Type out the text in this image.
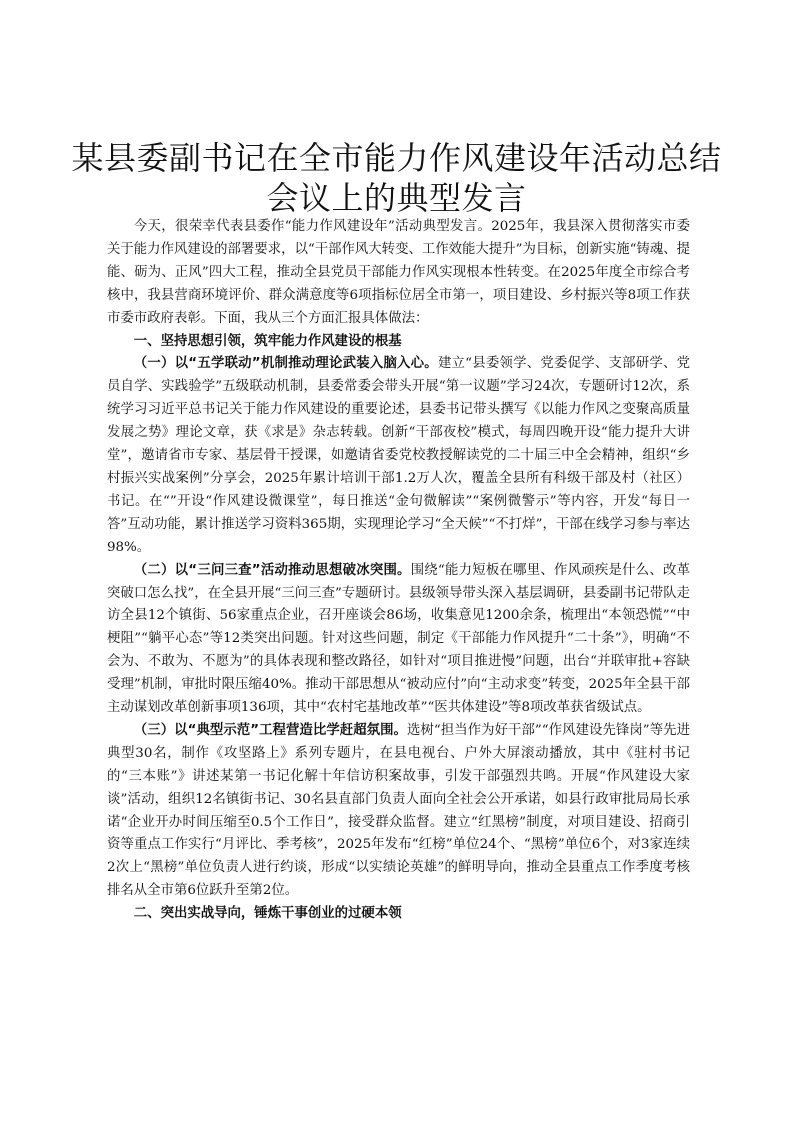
某县委副书记在全市能力作风建设年活动总结会议上的典型发言

今天，很荣幸代表县委作“能力作风建设年”活动典型发言。2025年，我县深入贯彻落实市委关于能力作风建设的部署要求，以“干部作风大转变、工作效能大提升”为目标，创新实施“铸魂、提能、砺为、正风”四大工程，推动全县党员干部能力作风实现根本性转变。在2025年度全市综合考核中，我县营商环境评价、群众满意度等6项指标位居全市第一，项目建设、乡村振兴等8项工作获市委市政府表彰。下面，我从三个方面汇报具体做法：

一、坚持思想引领，筑牢能力作风建设的根基

（一）以“五学联动”机制推动理论武装入脑入心。建立“县委领学、党委促学、支部研学、党员自学、实践验学”五级联动机制，县委常委会带头开展“第一议题”学习24次，专题研讨12次，系统学习习近平总书记关于能力作风建设的重要论述，县委书记带头撰写《以能力作风之变聚高质量发展之势》理论文章，获《求是》杂志转载。创新“干部夜校”模式，每周四晚开设“能力提升大讲堂”，邀请省市专家、基层骨干授课，如邀请省委党校教授解读党的二十届三中全会精神，组织“乡村振兴实战案例”分享会，2025年累计培训干部1.2万人次，覆盖全县所有科级干部及村（社区）书记。在“”开设“作风建设微课堂”，每日推送“金句微解读”“案例微警示”等内容，开发“每日一答”互动功能，累计推送学习资料365期，实现理论学习“全天候”“不打烊”，干部在线学习参与率达98%。

（二）以“三问三查”活动推动思想破冰突围。围绕“能力短板在哪里、作风顽疾是什么、改革突破口怎么找”，在全县开展“三问三查”专题研讨。县级领导带头深入基层调研，县委副书记带队走访全县12个镇街、56家重点企业，召开座谈会86场，收集意见1200余条，梳理出“本领恐慌”“中梗阻”“躺平心态”等12类突出问题。针对这些问题，制定《干部能力作风提升“二十条”》，明确“不会为、不敢为、不愿为”的具体表现和整改路径，如针对“项目推进慢”问题，出台“并联审批+容缺受理”机制，审批时限压缩40%。推动干部思想从“被动应付”向“主动求变”转变，2025年全县干部主动谋划改革创新事项136项，其中“农村宅基地改革”“医共体建设”等8项改革获省级试点。

（三）以“典型示范”工程营造比学赶超氛围。选树“担当作为好干部”“作风建设先锋岗”等先进典型30名，制作《攻坚路上》系列专题片，在县电视台、户外大屏滚动播放，其中《驻村书记的“三本账”》讲述某第一书记化解十年信访积案故事，引发干部强烈共鸣。开展“作风建设大家谈”活动，组织12名镇街书记、30名县直部门负责人面向全社会公开承诺，如县行政审批局局长承诺“企业开办时间压缩至0.5个工作日”，接受群众监督。建立“红黑榜”制度，对项目建设、招商引资等重点工作实行“月评比、季考核”，2025年发布“红榜”单位24个、“黑榜”单位6个，对3家连续2次上“黑榜”单位负责人进行约谈，形成“以实绩论英雄”的鲜明导向，推动全县重点工作季度考核排名从全市第6位跃升至第2位。

二、突出实战导向，锤炼干事创业的过硬本领
